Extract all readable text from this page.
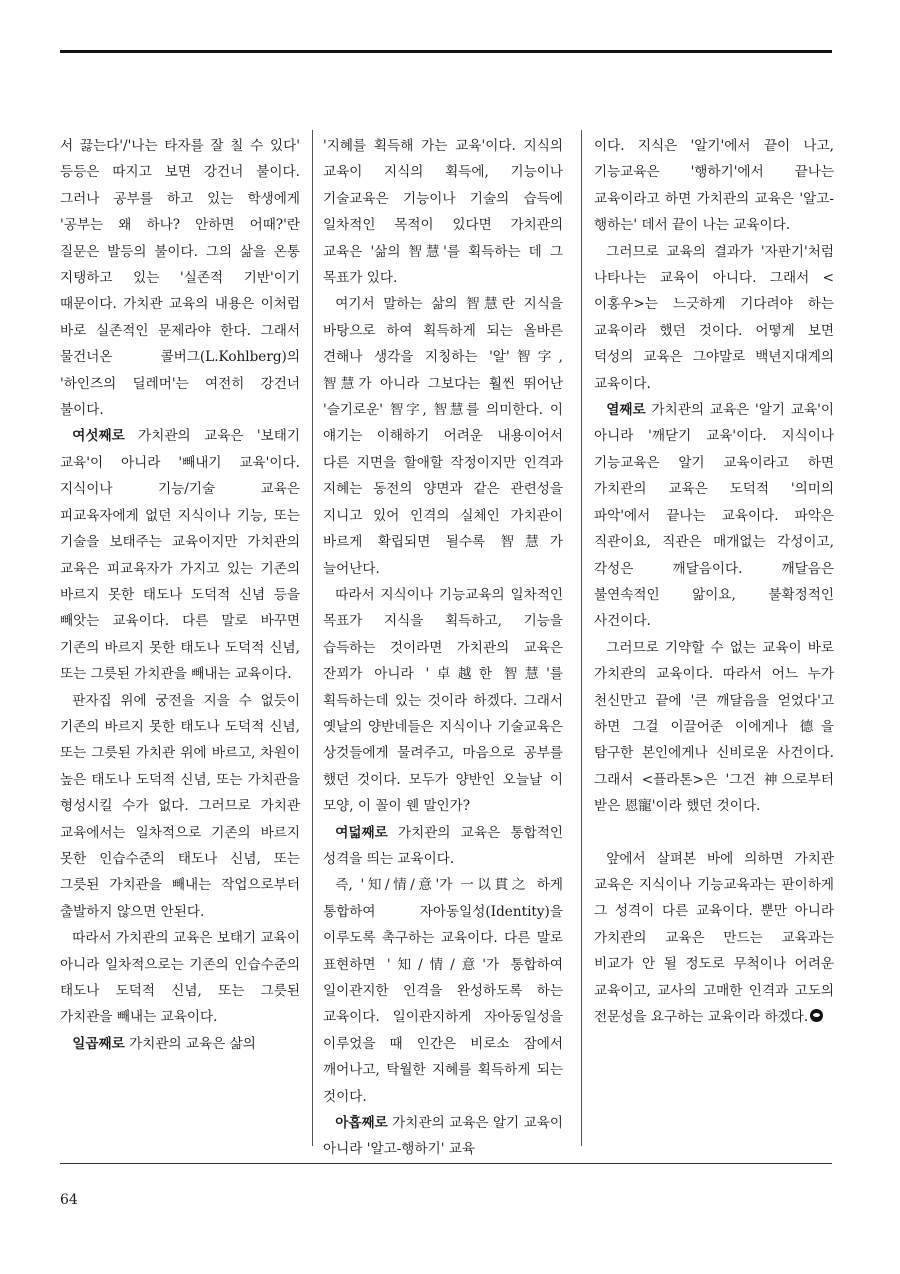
서 끓는다'/'나는 타자를 잘 칠 수 있다' 등등은 따지고 보면 강건너 불이다. 그러나 공부를 하고 있는 학생에게 '공부는 왜 하나? 안하면 어때?'란 질문은 발등의 불이다. 그의 삶을 온통 지탱하고 있는 '실존적 기반'이기 때문이다. 가치관 교육의 내용은 이처럼 바로 실존적인 문제라야 한다. 그래서 물건너온 콜버그(L.Kohlberg)의 '하인즈의 딜레머'는 여전히 강건너 불이다.

여섯째로 가치관의 교육은 '보태기 교육'이 아니라 '빼내기 교육'이다. 지식이나 기능/기술 교육은 피교육자에게 없던 지식이나 기능, 또는 기술을 보태주는 교육이지만 가치관의 교육은 피교육자가 가지고 있는 기존의 바르지 못한 태도나 도덕적 신념 등을 빼앗는 교육이다. 다른 말로 바꾸면 기존의 바르지 못한 태도나 도덕적 신념, 또는 그릇된 가치관을 빼내는 교육이다.

판자집 위에 궁전을 지을 수 없듯이 기존의 바르지 못한 태도나 도덕적 신념, 또는 그릇된 가치관 위에 바르고, 차원이 높은 태도나 도덕적 신념, 또는 가치관을 형성시킬 수가 없다. 그러므로 가치관 교육에서는 일차적으로 기존의 바르지 못한 인습수준의 태도나 신념, 또는 그릇된 가치관을 빼내는 작업으로부터 출발하지 않으면 안된다.

따라서 가치관의 교육은 보태기 교육이 아니라 일차적으로는 기존의 인습수준의 태도나 도덕적 신념, 또는 그릇된 가치관을 빼내는 교육이다.

일곱째로 가치관의 교육은 삶의

'지혜를 획득해 가는 교육'이다. 지식의 교육이 지식의 획득에, 기능이나 기술교육은 기능이나 기술의 습득에 일차적인 목적이 있다면 가치관의 교육은 '삶의 智慧'를 획득하는 데 그 목표가 있다.

여기서 말하는 삶의 智慧란 지식을 바탕으로 하여 획득하게 되는 올바른 견해나 생각을 지칭하는 '알'智字, 智慧가 아니라 그보다는 훨씬 뛰어난 '슬기로운' 智字, 智慧를 의미한다. 이 얘기는 이해하기 어려운 내용이어서 다른 지면을 할애할 작정이지만 인격과 지혜는 동전의 양면과 같은 관련성을 지니고 있어 인격의 실체인 가치관이 바르게 확립되면 될수록 智慧가 늘어난다.

따라서 지식이나 기능교육의 일차적인 목표가 지식을 획득하고, 기능을 습득하는 것이라면 가치관의 교육은 잔꾀가 아니라 '卓越한 智慧'를 획득하는데 있는 것이라 하겠다. 그래서 옛날의 양반네들은 지식이나 기술교육은 상것들에게 물려주고, 마음으로 공부를 했던 것이다. 모두가 양반인 오늘날 이 모양, 이 꼴이 웬 말인가?

여덟째로 가치관의 교육은 통합적인 성격을 띄는 교육이다.

즉, '知/情/意'가 一以貫之 하게 통합하여 자아동일성(Identity)을 이루도록 촉구하는 교육이다. 다른 말로 표현하면 '知/情/意'가 통합하여 일이관지한 인격을 완성하도록 하는 교육이다. 일이관지하게 자아동일성을 이루었을 때 인간은 비로소 잠에서 깨어나고, 탁월한 지혜를 획득하게 되는 것이다.

아홉째로 가치관의 교육은 알기 교육이 아니라 '알고-행하기' 교육

이다. 지식은 '알기'에서 끝이 나고, 기능교육은 '행하기'에서 끝나는 교육이라고 하면 가치관의 교육은 '알고-행하는' 데서 끝이 나는 교육이다.

그러므로 교육의 결과가 '자판기'처럼 나타나는 교육이 아니다. 그래서 <이홍우>는 느긋하게 기다려야 하는 교육이라 했던 것이다. 어떻게 보면 덕성의 교육은 그야말로 백년지대계의 교육이다.

열째로 가치관의 교육은 '알기 교육'이 아니라 '깨닫기 교육'이다. 지식이나 기능교육은 알기 교육이라고 하면 가치관의 교육은 도덕적 '의미의 파악'에서 끝나는 교육이다. 파악은 직관이요, 직관은 매개없는 각성이고, 각성은 깨달음이다. 깨달음은 불연속적인 앎이요, 불확정적인 사건이다.

그러므로 기약할 수 없는 교육이 바로 가치관의 교육이다. 따라서 어느 누가 천신만고 끝에 '큰 깨달음을 얻었다'고 하면 그걸 이끌어준 이에게나 德을 탐구한 본인에게나 신비로운 사건이다. 그래서 <플라톤>은 '그건 神으로부터 받은 恩寵'이라 했던 것이다.

앞에서 살펴본 바에 의하면 가치관 교육은 지식이나 기능교육과는 판이하게 그 성격이 다른 교육이다. 뿐만 아니라 가치관의 교육은 만드는 교육과는 비교가 안 될 정도로 무척이나 어려운 교육이고, 교사의 고매한 인격과 고도의 전문성을 요구하는 교육이라 하겠다.

64
